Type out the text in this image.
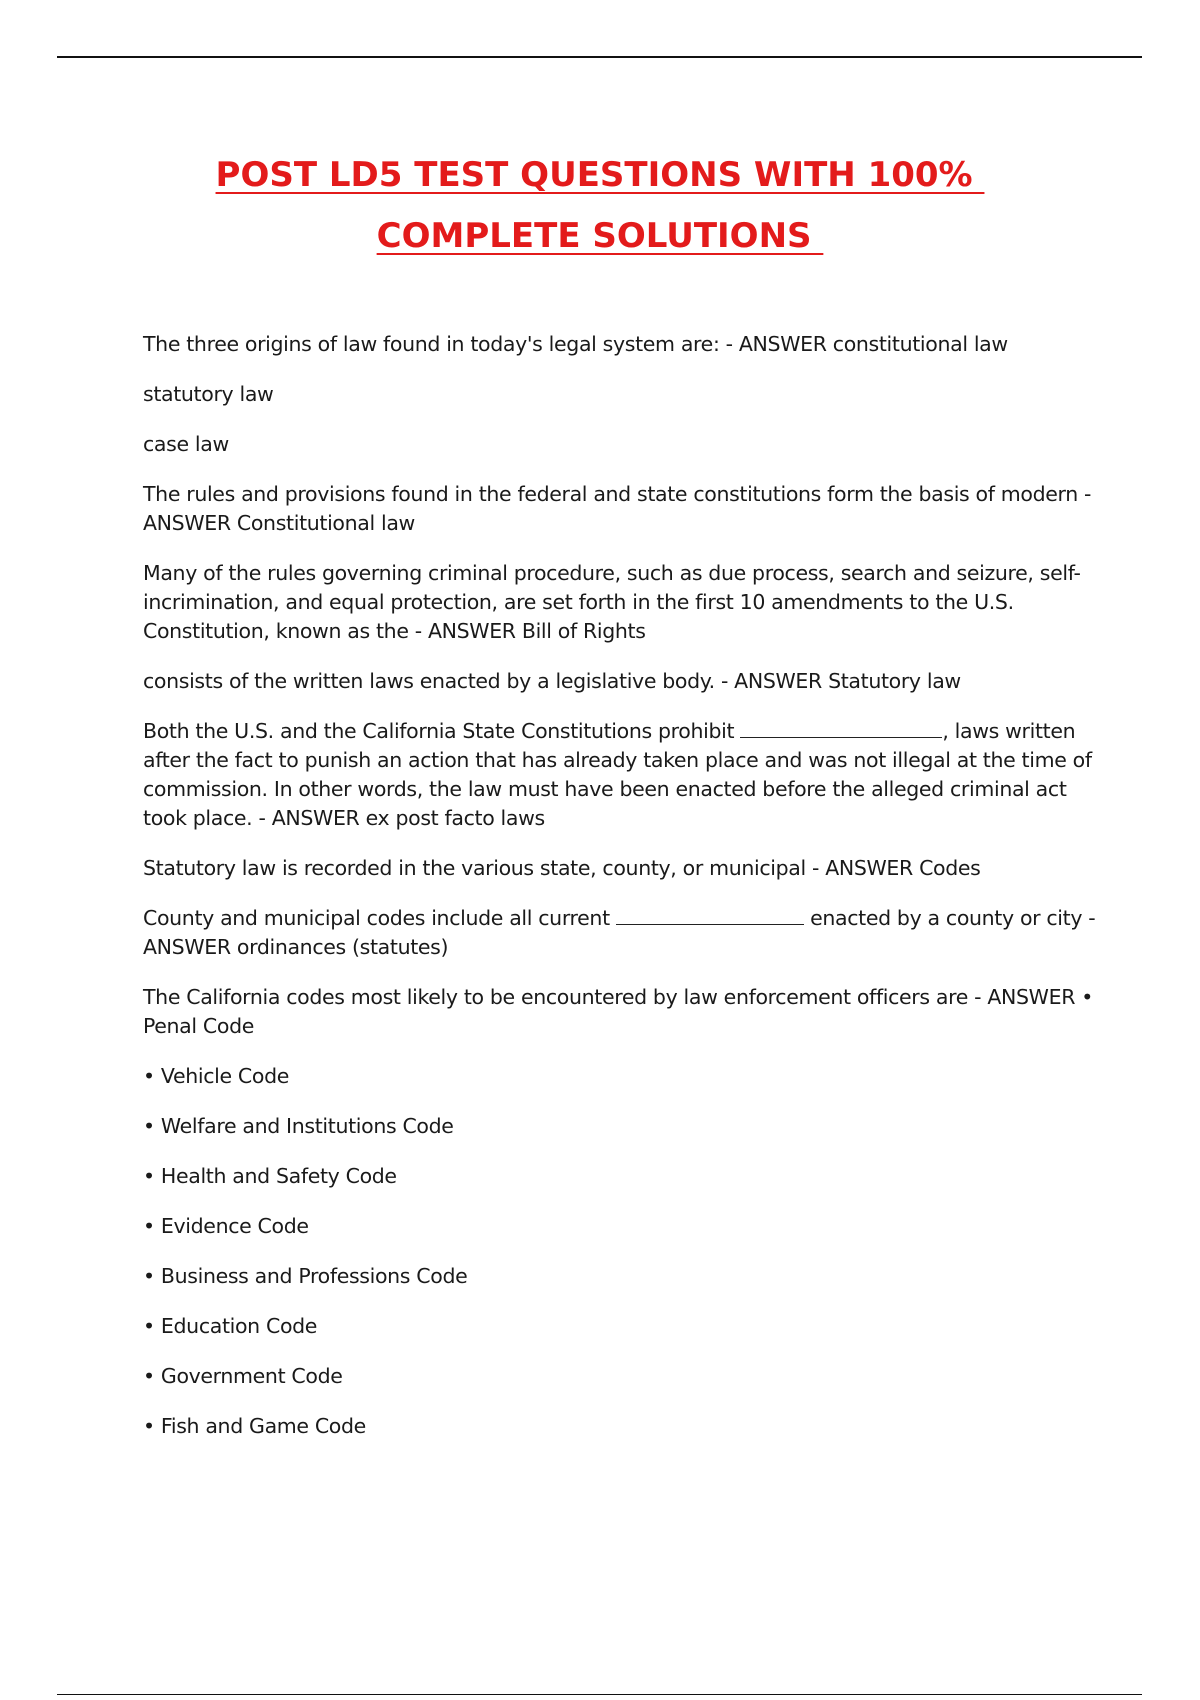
POST LD5 TEST QUESTIONS WITH 100%
COMPLETE SOLUTIONS

The three origins of law found in today's legal system are: - ANSWER constitutional law

statutory law

case law

The rules and provisions found in the federal and state constitutions form the basis of modern - ANSWER Constitutional law

Many of the rules governing criminal procedure, such as due process, search and seizure, self-incrimination, and equal protection, are set forth in the first 10 amendments to the U.S. Constitution, known as the - ANSWER Bill of Rights

consists of the written laws enacted by a legislative body. - ANSWER Statutory law

Both the U.S. and the California State Constitutions prohibit	, laws written after the fact to punish an action that has already taken place and was not illegal at the time of commission. In other words, the law must have been enacted before the alleged criminal act took place. - ANSWER ex post facto laws

Statutory law is recorded in the various state, county, or municipal - ANSWER Codes

County and municipal codes include all current	enacted by a county or city - ANSWER ordinances (statutes)

The California codes most likely to be encountered by law enforcement officers are - ANSWER • Penal Code

• Vehicle Code

• Welfare and Institutions Code

• Health and Safety Code

• Evidence Code

• Business and Professions Code

• Education Code

• Government Code

• Fish and Game Code
